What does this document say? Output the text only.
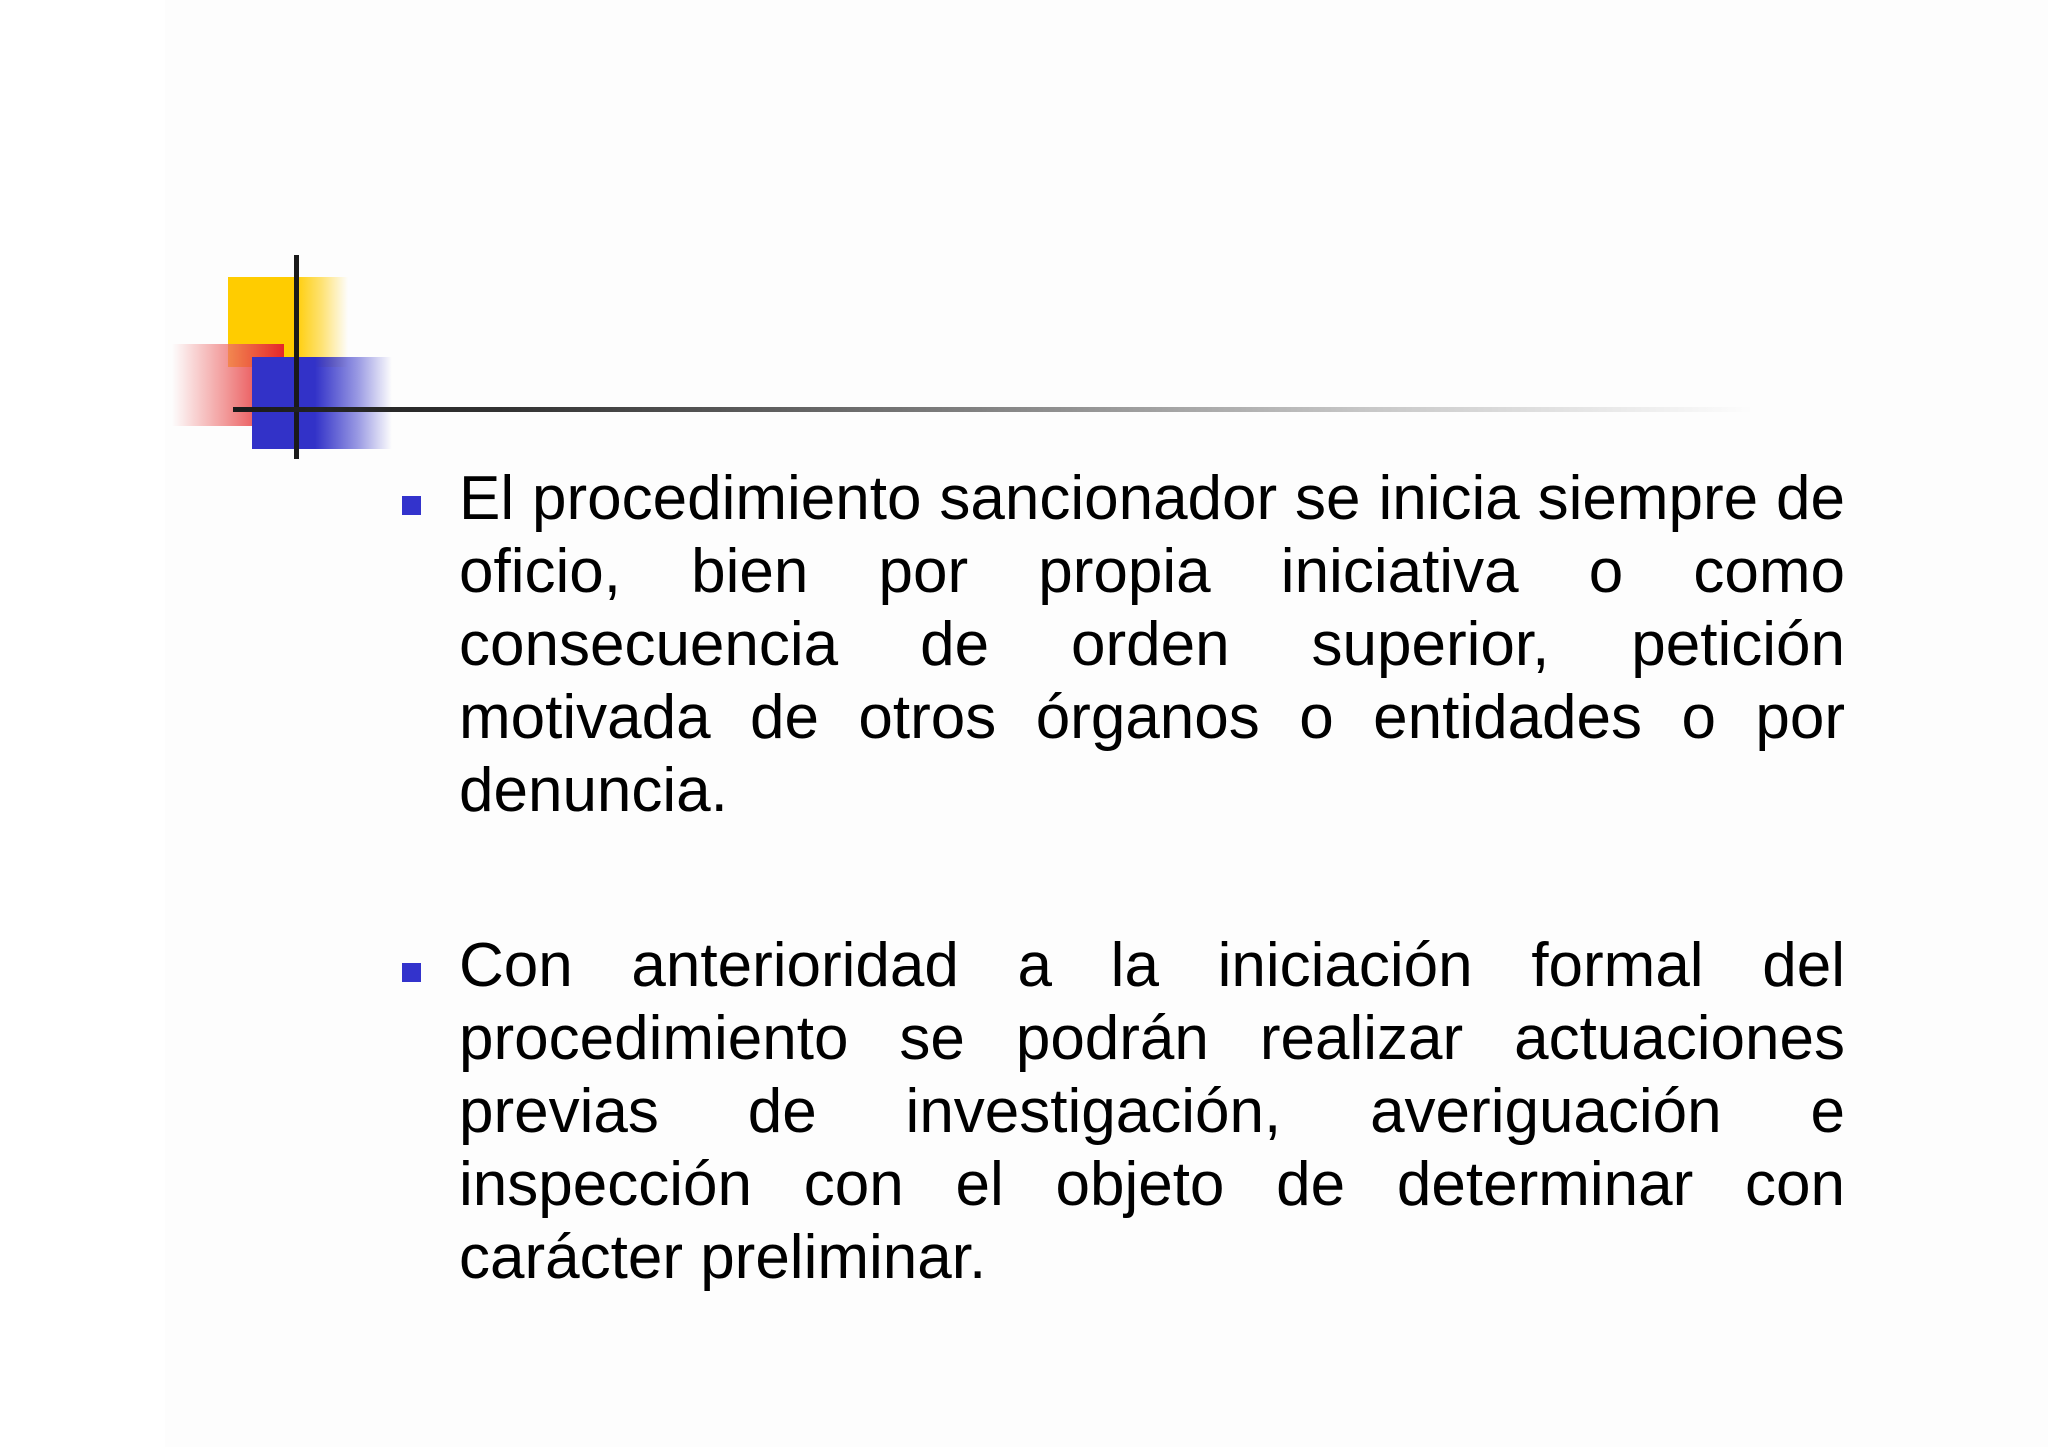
El procedimiento sancionador se inicia siempre de oficio, bien por propia iniciativa o como consecuencia de orden superior, petición motivada de otros órganos o entidades o por denuncia.
Con anterioridad a la iniciación formal del procedimiento se podrán realizar actuaciones previas de investigación, averiguación e inspección con el objeto de determinar con carácter preliminar.
